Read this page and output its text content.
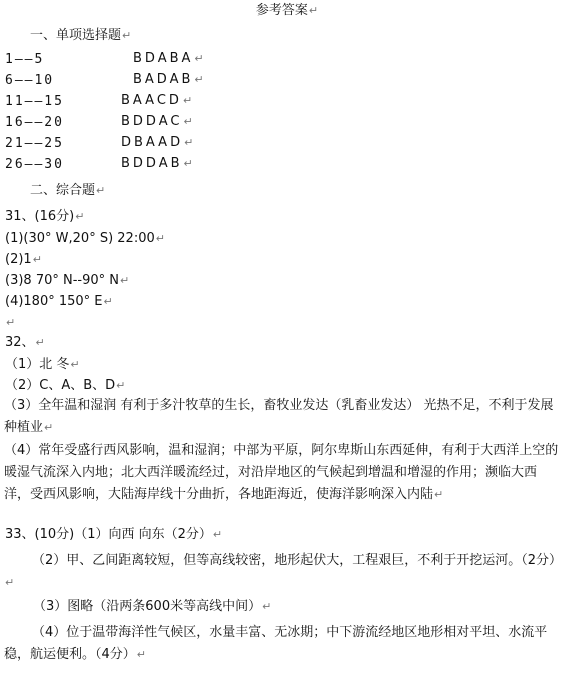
参考答案↵
一、单项选择题↵
1——5	BDABA↵
6——10	BADAB↵
11——15	BAACD↵
16——20	BDDAC↵
21——25	DBAAD↵
26——30	BDDAB↵
二、综合题↵
31、(16分)↵
(1)(30° W,20° S) 22:00↵
(2)1↵
(3)8 70° N--90° N↵
(4)180° 150° E↵
↵
32、↵
（1）北 冬↵
（2）C、A、B、D↵
（3）全年温和湿润 有利于多汁牧草的生长，畜牧业发达（乳畜业发达） 光热不足，不利于发展种植业↵
（4）常年受盛行西风影响，温和湿润；中部为平原，阿尔卑斯山东西延伸，有利于大西洋上空的暖湿气流深入内地；北大西洋暖流经过，对沿岸地区的气候起到增温和增湿的作用；濒临大西洋，受西风影响，大陆海岸线十分曲折，各地距海近，使海洋影响深入内陆↵
33、(10分)（1）向西 向东（2分）↵
（2）甲、乙间距离较短，但等高线较密，地形起伏大，工程艰巨，不利于开挖运河。（2分）↵
（3）图略（沿两条600米等高线中间）↵
（4）位于温带海洋性气候区，水量丰富、无冰期；中下游流经地区地形相对平坦、水流平稳，航运便利。（4分）↵
